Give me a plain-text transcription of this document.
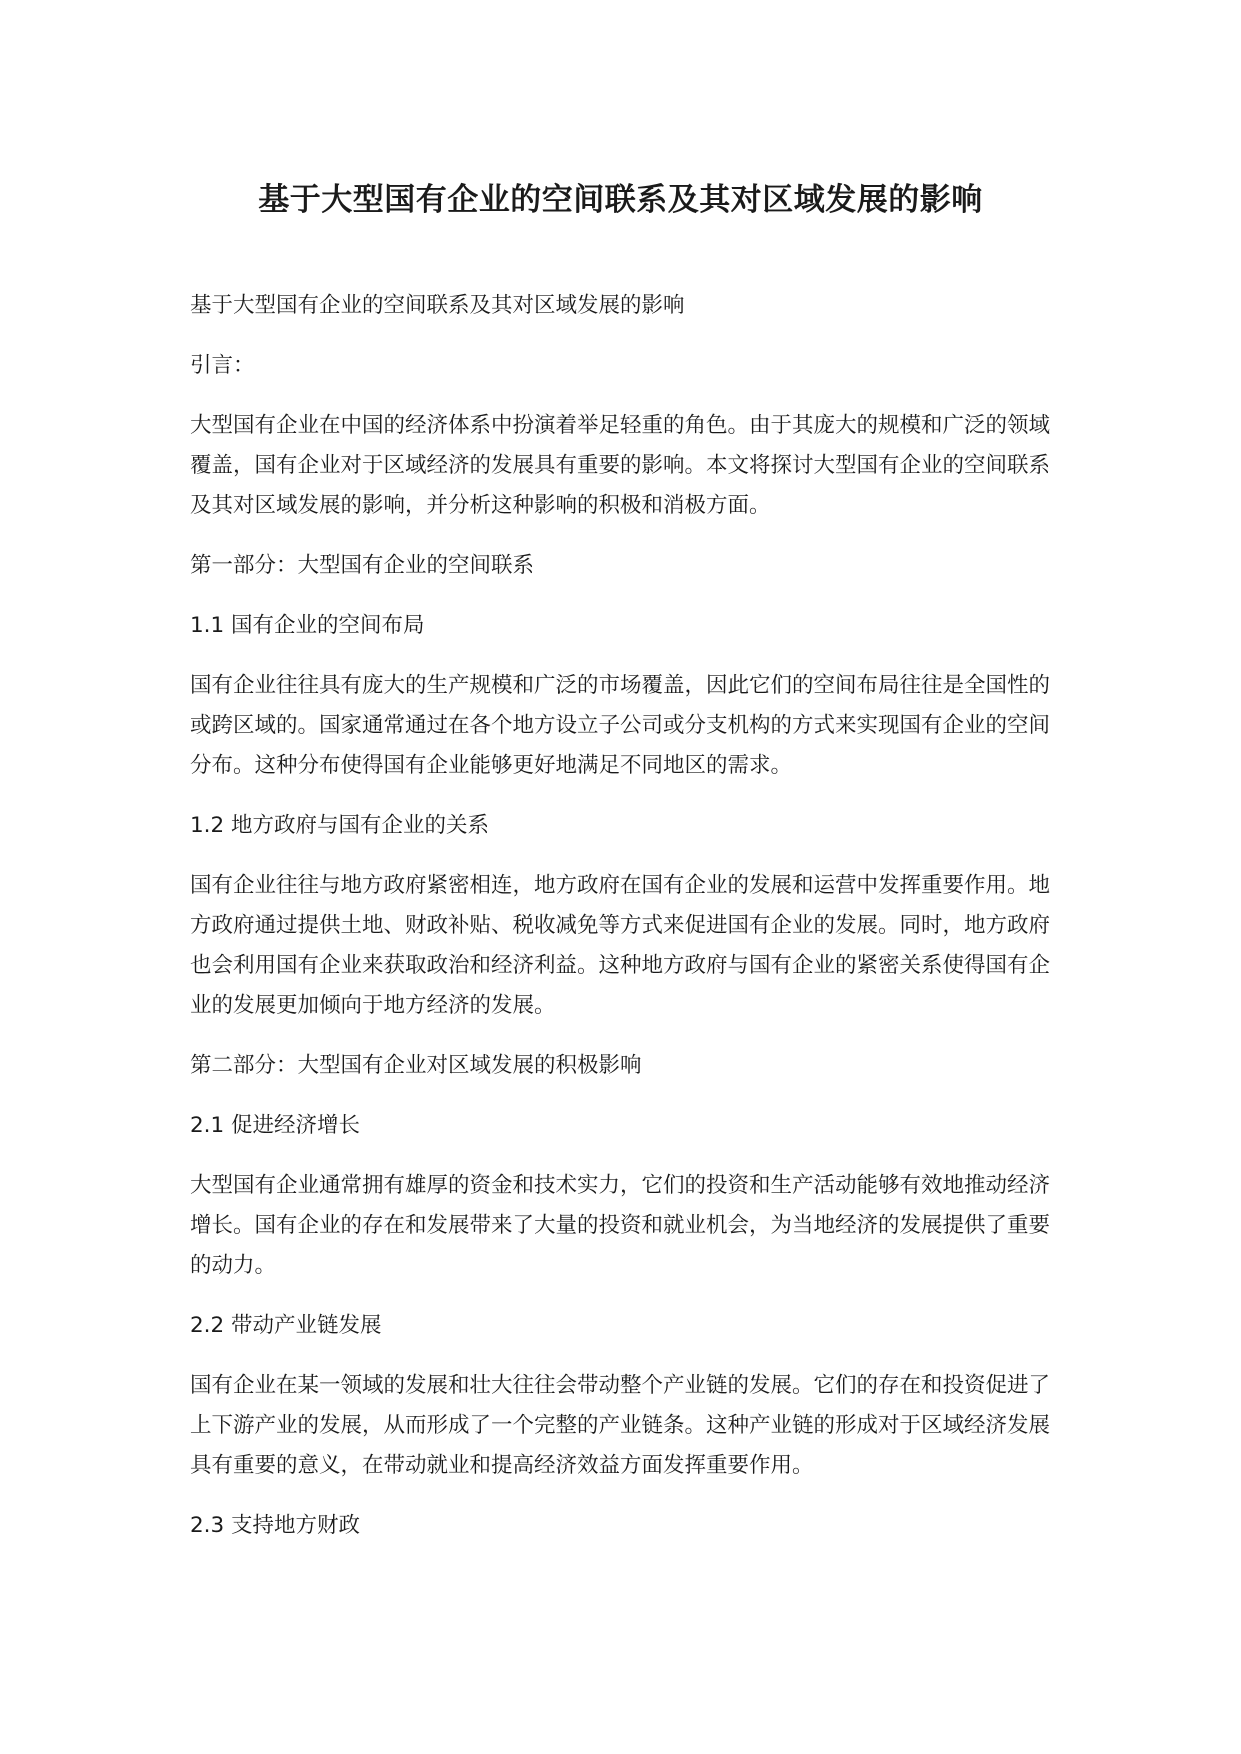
基于大型国有企业的空间联系及其对区域发展的影响

基于大型国有企业的空间联系及其对区域发展的影响

引言：

大型国有企业在中国的经济体系中扮演着举足轻重的角色。由于其庞大的规模和广泛的领域覆盖，国有企业对于区域经济的发展具有重要的影响。本文将探讨大型国有企业的空间联系及其对区域发展的影响，并分析这种影响的积极和消极方面。

第一部分：大型国有企业的空间联系

1.1 国有企业的空间布局

国有企业往往具有庞大的生产规模和广泛的市场覆盖，因此它们的空间布局往往是全国性的或跨区域的。国家通常通过在各个地方设立子公司或分支机构的方式来实现国有企业的空间分布。这种分布使得国有企业能够更好地满足不同地区的需求。

1.2 地方政府与国有企业的关系

国有企业往往与地方政府紧密相连，地方政府在国有企业的发展和运营中发挥重要作用。地方政府通过提供土地、财政补贴、税收减免等方式来促进国有企业的发展。同时，地方政府也会利用国有企业来获取政治和经济利益。这种地方政府与国有企业的紧密关系使得国有企业的发展更加倾向于地方经济的发展。

第二部分：大型国有企业对区域发展的积极影响

2.1 促进经济增长

大型国有企业通常拥有雄厚的资金和技术实力，它们的投资和生产活动能够有效地推动经济增长。国有企业的存在和发展带来了大量的投资和就业机会，为当地经济的发展提供了重要的动力。

2.2 带动产业链发展

国有企业在某一领域的发展和壮大往往会带动整个产业链的发展。它们的存在和投资促进了上下游产业的发展，从而形成了一个完整的产业链条。这种产业链的形成对于区域经济发展具有重要的意义，在带动就业和提高经济效益方面发挥重要作用。

2.3 支持地方财政
